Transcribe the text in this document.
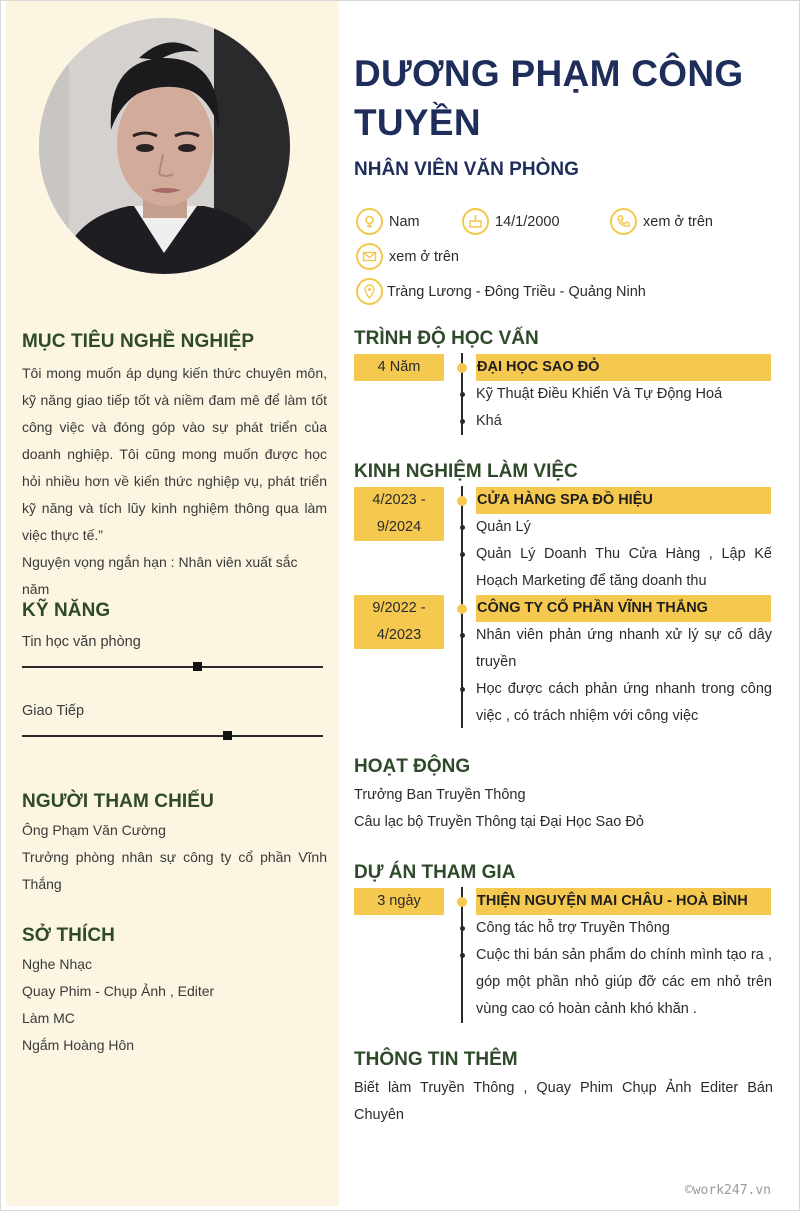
MỤC TIÊU NGHỀ NGHIỆP
Tôi mong muốn áp dụng kiến thức chuyên môn, kỹ năng giao tiếp tốt và niềm đam mê để làm tốt công việc và đóng góp vào sự phát triển của doanh nghiệp. Tôi cũng mong muốn được học hỏi nhiều hơn về kiến thức nghiệp vụ, phát triển kỹ năng và tích lũy kinh nghiệm thông qua làm việc thực tế.”
Nguyện vọng ngắn hạn : Nhân viên xuất sắc năm
KỸ NĂNG
Tin học văn phòng
Giao Tiếp
NGƯỜI THAM CHIẾU
Ông Phạm Văn Cường
Trưởng phòng nhân sự công ty cổ phần Vĩnh Thắng
SỞ THÍCH
Nghe Nhạc
Quay Phim - Chụp Ảnh , Editer
Làm MC
Ngắm Hoàng Hôn
DƯƠNG PHẠM CÔNG TUYỀN
NHÂN VIÊN VĂN PHÒNG
Nam	14/1/2000	xem ở trên
xem ở trên
Tràng Lương - Đông Triều - Quảng Ninh
TRÌNH ĐỘ HỌC VẤN
4 Năm	ĐẠI HỌC SAO ĐỎ
Kỹ Thuật Điều Khiển Và Tự Động Hoá
Khá
KINH NGHIỆM LÀM VIỆC
4/2023 -
9/2024
CỬA HÀNG SPA ĐỒ HIỆU
Quản Lý
Quản Lý Doanh Thu Cửa Hàng , Lập Kế Hoạch Marketing để tăng doanh thu
9/2022 -
4/2023
CÔNG TY CỔ PHẦN VĨNH THẮNG
Nhân viên phản ứng nhanh xử lý sự cố dây truyền
Học được cách phản ứng nhanh trong công việc , có trách nhiệm với công việc
HOẠT ĐỘNG
Trưởng Ban Truyền Thông
Câu lạc bộ Truyền Thông tại Đại Học Sao Đỏ
DỰ ÁN THAM GIA
3 ngày	THIỆN NGUYỆN MAI CHÂU - HOÀ BÌNH
Công tác hỗ trợ Truyền Thông
Cuộc thi bán sản phẩm do chính mình tạo ra , góp một phần nhỏ giúp đỡ các em nhỏ trên vùng cao có hoàn cảnh khó khăn .
THÔNG TIN THÊM
Biết làm Truyền Thông , Quay Phim Chụp Ảnh Editer Bán Chuyên
©work247.vn
